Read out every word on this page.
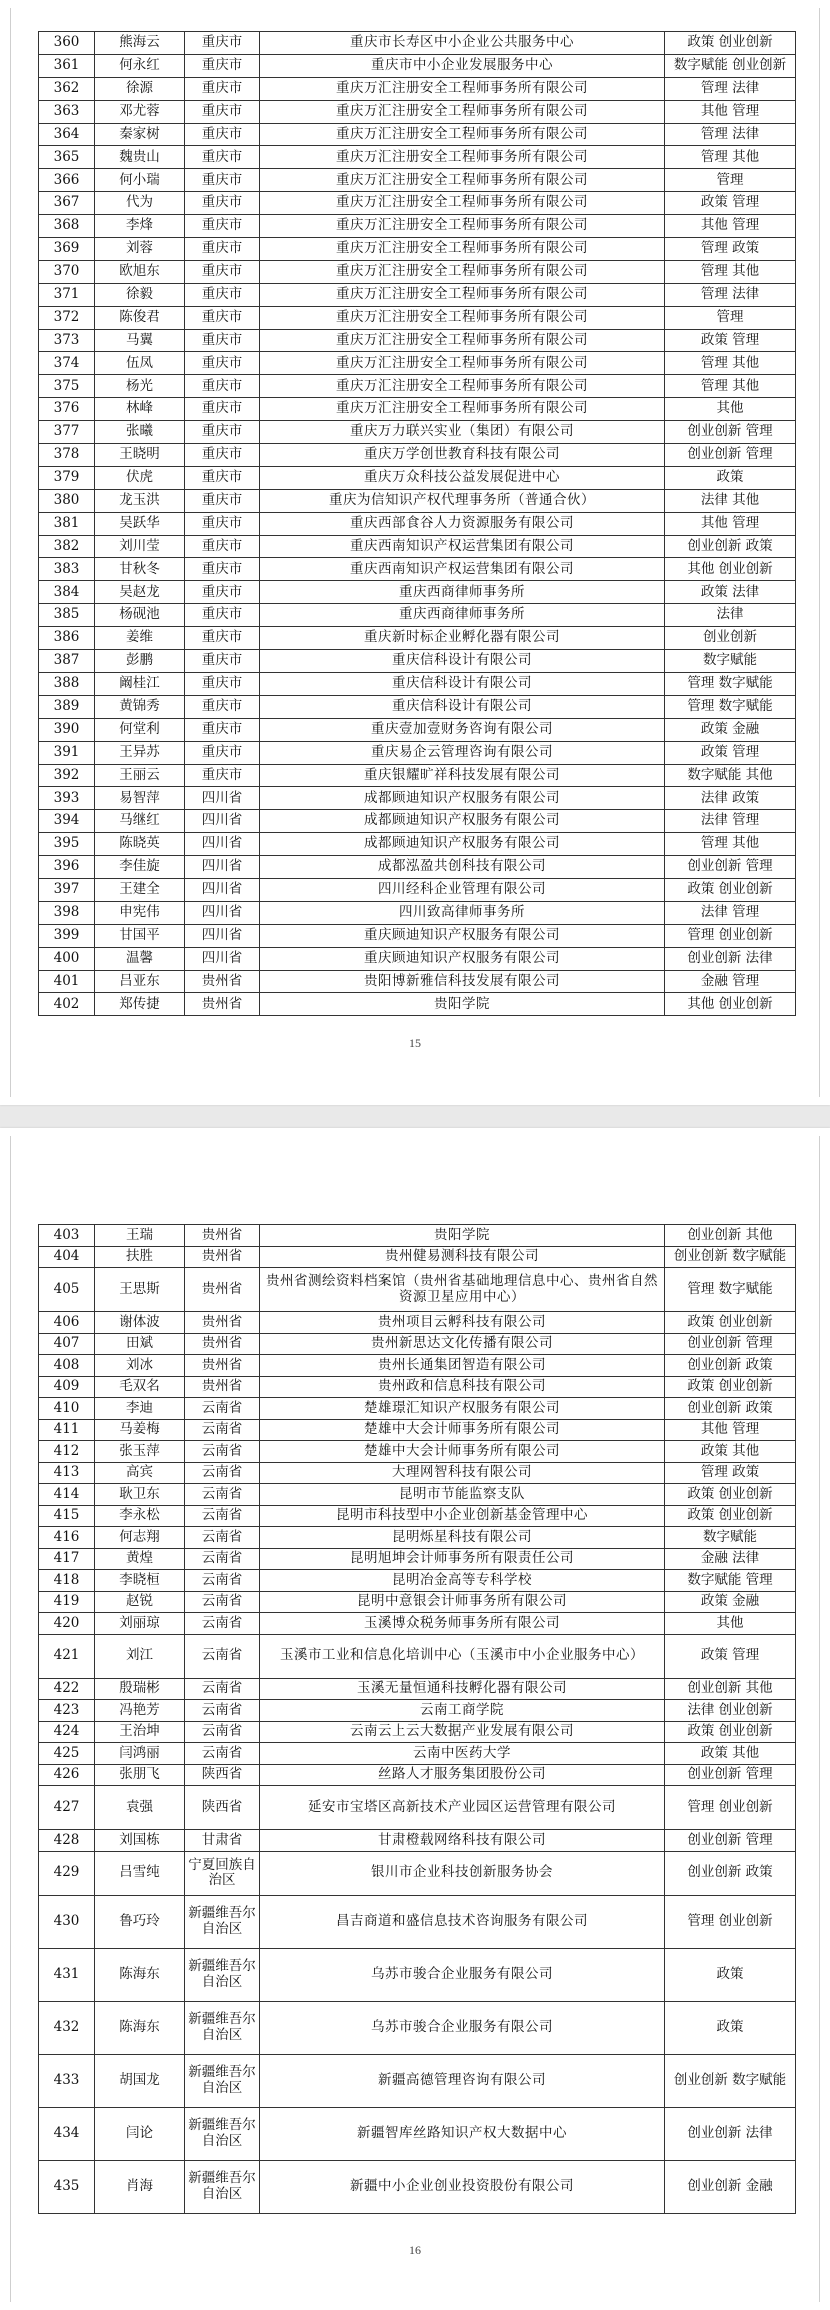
360	熊海云	重庆市	重庆市长寿区中小企业公共服务中心	政策 创业创新
361	何永红	重庆市	重庆市中小企业发展服务中心	数字赋能 创业创新
362	徐源	重庆市	重庆万汇注册安全工程师事务所有限公司	管理 法律
363	邓尤蓉	重庆市	重庆万汇注册安全工程师事务所有限公司	其他 管理
364	秦家树	重庆市	重庆万汇注册安全工程师事务所有限公司	管理 法律
365	魏贵山	重庆市	重庆万汇注册安全工程师事务所有限公司	管理 其他
366	何小瑞	重庆市	重庆万汇注册安全工程师事务所有限公司	管理
367	代为	重庆市	重庆万汇注册安全工程师事务所有限公司	政策 管理
368	李烽	重庆市	重庆万汇注册安全工程师事务所有限公司	其他 管理
369	刘蓉	重庆市	重庆万汇注册安全工程师事务所有限公司	管理 政策
370	欧旭东	重庆市	重庆万汇注册安全工程师事务所有限公司	管理 其他
371	徐毅	重庆市	重庆万汇注册安全工程师事务所有限公司	管理 法律
372	陈俊君	重庆市	重庆万汇注册安全工程师事务所有限公司	管理
373	马翼	重庆市	重庆万汇注册安全工程师事务所有限公司	政策 管理
374	伍凤	重庆市	重庆万汇注册安全工程师事务所有限公司	管理 其他
375	杨光	重庆市	重庆万汇注册安全工程师事务所有限公司	管理 其他
376	林峰	重庆市	重庆万汇注册安全工程师事务所有限公司	其他
377	张曦	重庆市	重庆万力联兴实业（集团）有限公司	创业创新 管理
378	王晓明	重庆市	重庆万学创世教育科技有限公司	创业创新 管理
379	伏虎	重庆市	重庆万众科技公益发展促进中心	政策
380	龙玉洪	重庆市	重庆为信知识产权代理事务所（普通合伙）	法律 其他
381	吴跃华	重庆市	重庆西部食谷人力资源服务有限公司	其他 管理
382	刘川莹	重庆市	重庆西南知识产权运营集团有限公司	创业创新 政策
383	甘秋冬	重庆市	重庆西南知识产权运营集团有限公司	其他 创业创新
384	吴赵龙	重庆市	重庆西商律师事务所	政策 法律
385	杨砚池	重庆市	重庆西商律师事务所	法律
386	姜维	重庆市	重庆新时标企业孵化器有限公司	创业创新
387	彭鹏	重庆市	重庆信科设计有限公司	数字赋能
388	阚桂江	重庆市	重庆信科设计有限公司	管理 数字赋能
389	黄锦秀	重庆市	重庆信科设计有限公司	管理 数字赋能
390	何堂利	重庆市	重庆壹加壹财务咨询有限公司	政策 金融
391	王异苏	重庆市	重庆易企云管理咨询有限公司	政策 管理
392	王丽云	重庆市	重庆银耀旷祥科技发展有限公司	数字赋能 其他
393	易智萍	四川省	成都顾迪知识产权服务有限公司	法律 政策
394	马继红	四川省	成都顾迪知识产权服务有限公司	法律 管理
395	陈晓英	四川省	成都顾迪知识产权服务有限公司	管理 其他
396	李佳旋	四川省	成都泓盈共创科技有限公司	创业创新 管理
397	王建全	四川省	四川经科企业管理有限公司	政策 创业创新
398	申宪伟	四川省	四川致高律师事务所	法律 管理
399	甘国平	四川省	重庆顾迪知识产权服务有限公司	管理 创业创新
400	温馨	四川省	重庆顾迪知识产权服务有限公司	创业创新 法律
401	吕亚东	贵州省	贵阳博新雅信科技发展有限公司	金融 管理
402	郑传捷	贵州省	贵阳学院	其他 创业创新
15
403	王瑞	贵州省	贵阳学院	创业创新 其他
404	扶胜	贵州省	贵州健易测科技有限公司	创业创新 数字赋能
405	王思斯	贵州省	贵州省测绘资料档案馆（贵州省基础地理信息中心、贵州省自然资源卫星应用中心）	管理 数字赋能
406	谢体波	贵州省	贵州项目云孵科技有限公司	政策 创业创新
407	田斌	贵州省	贵州新思达文化传播有限公司	创业创新 管理
408	刘冰	贵州省	贵州长通集团智造有限公司	创业创新 政策
409	毛双名	贵州省	贵州政和信息科技有限公司	政策 创业创新
410	李迪	云南省	楚雄璟汇知识产权服务有限公司	创业创新 政策
411	马姜梅	云南省	楚雄中大会计师事务所有限公司	其他 管理
412	张玉萍	云南省	楚雄中大会计师事务所有限公司	政策 其他
413	高宾	云南省	大理网智科技有限公司	管理 政策
414	耿卫东	云南省	昆明市节能监察支队	政策 创业创新
415	李永松	云南省	昆明市科技型中小企业创新基金管理中心	政策 创业创新
416	何志翔	云南省	昆明烁星科技有限公司	数字赋能
417	黄煌	云南省	昆明旭坤会计师事务所有限责任公司	金融 法律
418	李晓桓	云南省	昆明冶金高等专科学校	数字赋能 管理
419	赵锐	云南省	昆明中意银会计师事务所有限公司	政策 金融
420	刘丽琼	云南省	玉溪博众税务师事务所有限公司	其他
421	刘江	云南省	玉溪市工业和信息化培训中心（玉溪市中小企业服务中心）	政策 管理
422	殷瑞彬	云南省	玉溪无量恒通科技孵化器有限公司	创业创新 其他
423	冯艳芳	云南省	云南工商学院	法律 创业创新
424	王治坤	云南省	云南云上云大数据产业发展有限公司	政策 创业创新
425	闫鸿丽	云南省	云南中医药大学	政策 其他
426	张朋飞	陕西省	丝路人才服务集团股份公司	创业创新 管理
427	袁强	陕西省	延安市宝塔区高新技术产业园区运营管理有限公司	管理 创业创新
428	刘国栋	甘肃省	甘肃橙载网络科技有限公司	创业创新 管理
429	吕雪纯	宁夏回族自治区	银川市企业科技创新服务协会	创业创新 政策
430	鲁巧玲	新疆维吾尔自治区	昌吉商道和盛信息技术咨询服务有限公司	管理 创业创新
431	陈海东	新疆维吾尔自治区	乌苏市骏合企业服务有限公司	政策
432	陈海东	新疆维吾尔自治区	乌苏市骏合企业服务有限公司	政策
433	胡国龙	新疆维吾尔自治区	新疆高德管理咨询有限公司	创业创新 数字赋能
434	闫论	新疆维吾尔自治区	新疆智库丝路知识产权大数据中心	创业创新 法律
435	肖海	新疆维吾尔自治区	新疆中小企业创业投资股份有限公司	创业创新 金融
16
